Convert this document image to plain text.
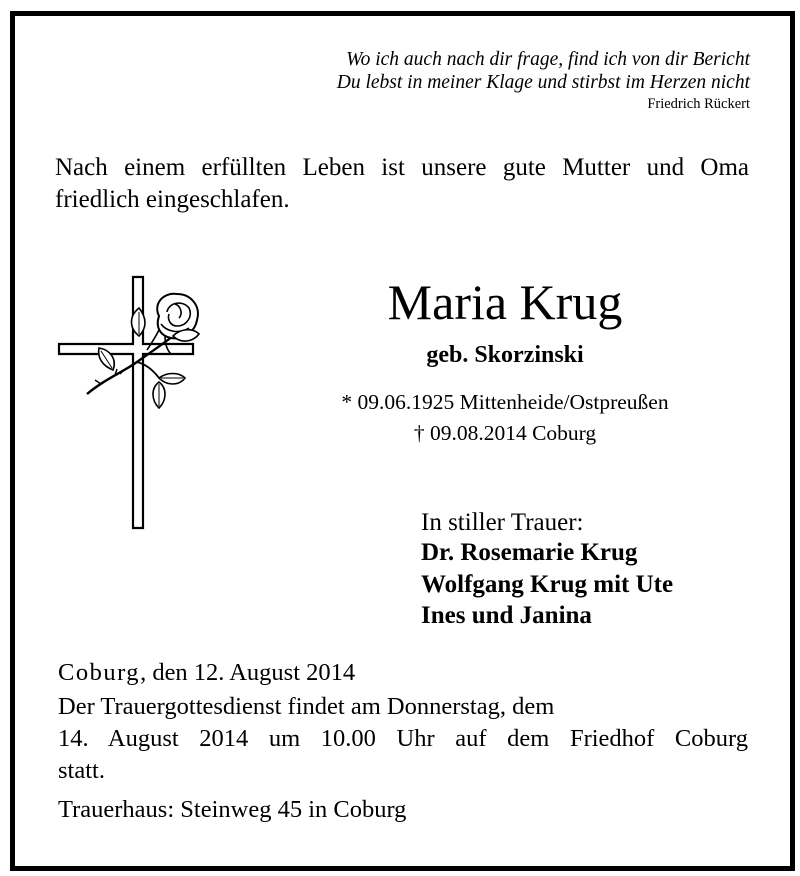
Wo ich auch nach dir frage, find ich von dir Bericht
Du lebst in meiner Klage und stirbst im Herzen nicht
Friedrich Rückert
Nach einem erfüllten Leben ist unsere gute Mutter und Oma friedlich eingeschlafen.
Maria Krug
geb. Skorzinski
* 09.06.1925 Mittenheide/Ostpreußen
† 09.08.2014 Coburg
In stiller Trauer:
Dr. Rosemarie Krug
Wolfgang Krug mit Ute
Ines und Janina
Coburg, den 12. August 2014
Der Trauergottesdienst findet am Donnerstag, dem
14. August 2014 um 10.00 Uhr auf dem Friedhof Coburg
statt.
Trauerhaus: Steinweg 45 in Coburg
